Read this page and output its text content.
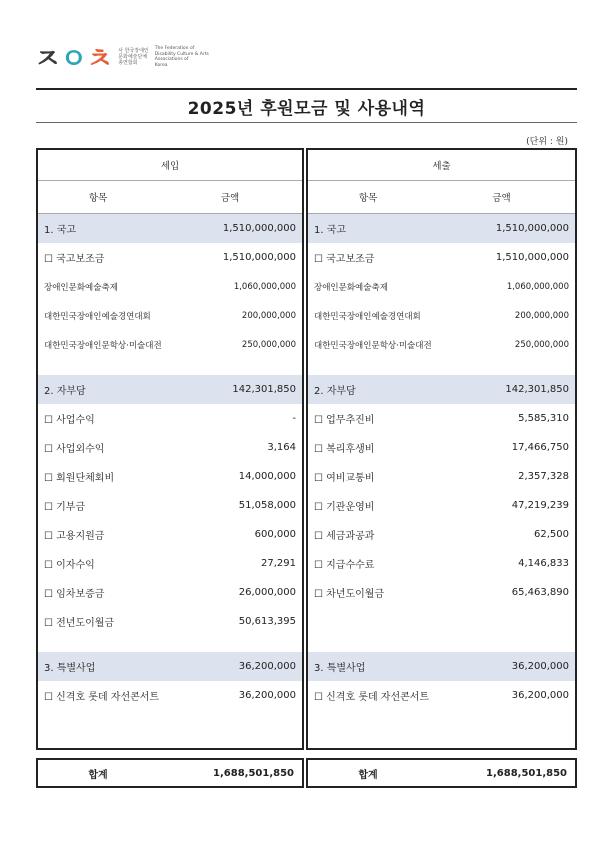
ㅈ ㅇ ㅊ 사 한국장애인
문화예술단체
총연합회
The Federation of
Disability Culture & Arts
Associations of
Korea
2025년 후원모금 및 사용내역
(단위 : 원)
세입
항목	금액
1. 국고	1,510,000,000
☐ 국고보조금	1,510,000,000
장애인문화예술축제	1,060,000,000
대한민국장애인예술경연대회	200,000,000
대한민국장애인문학상·미술대전	250,000,000
2. 자부담	142,301,850
☐ 사업수익	-
☐ 사업외수익	3,164
☐ 회원단체회비	14,000,000
☐ 기부금	51,058,000
☐ 고용지원금	600,000
☐ 이자수익	27,291
☐ 임차보증금	26,000,000
☐ 전년도이월금	50,613,395
3. 특별사업	36,200,000
☐ 신격호 롯데 자선콘서트	36,200,000
세출
항목	금액
1. 국고	1,510,000,000
☐ 국고보조금	1,510,000,000
장애인문화예술축제	1,060,000,000
대한민국장애인예술경연대회	200,000,000
대한민국장애인문학상·미술대전	250,000,000
2. 자부담	142,301,850
☐ 업무추진비	5,585,310
☐ 복리후생비	17,466,750
☐ 여비교통비	2,357,328
☐ 기관운영비	47,219,239
☐ 세금과공과	62,500
☐ 지급수수료	4,146,833
☐ 차년도이월금	65,463,890
3. 특별사업	36,200,000
☐ 신격호 롯데 자선콘서트	36,200,000
합계	1,688,501,850	합계	1,688,501,850
